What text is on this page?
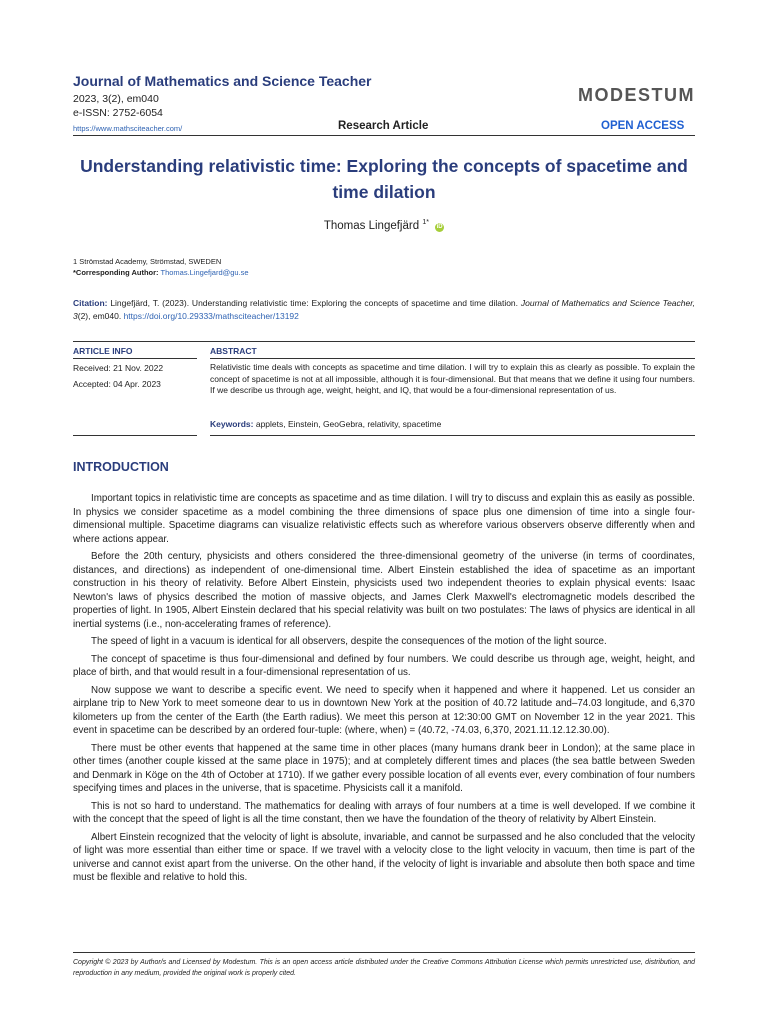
Journal of Mathematics and Science Teacher
2023, 3(2), em040
e-ISSN: 2752-6054
https://www.mathsciteacher.com/
MODESTUM
Research Article	OPEN ACCESS
Understanding relativistic time: Exploring the concepts of spacetime and time dilation
Thomas Lingefjärd $^{1*}$ iD
1 Strömstad Academy, Strömstad, SWEDEN
*Corresponding Author: Thomas.Lingefjard@gu.se
Citation: Lingefjärd, T. (2023). Understanding relativistic time: Exploring the concepts of spacetime and time dilation. Journal of Mathematics and Science Teacher, 3(2), em040. https://doi.org/10.29333/mathsciteacher/13192
ARTICLE INFO	ABSTRACT
Received: 21 Nov. 2022
Accepted: 04 Apr. 2023
Relativistic time deals with concepts as spacetime and time dilation. I will try to explain this as clearly as possible. To explain the concept of spacetime is not at all impossible, although it is four-dimensional. But that means that we define it using four numbers. If we describe us through age, weight, height, and IQ, that would be a four-dimensional representation of us.
Keywords: applets, Einstein, GeoGebra, relativity, spacetime
INTRODUCTION

Important topics in relativistic time are concepts as spacetime and as time dilation. I will try to discuss and explain this as easily as possible. In physics we consider spacetime as a model combining the three dimensions of space plus one dimension of time into a single four-dimensional multiple. Spacetime diagrams can visualize relativistic effects such as wherefore various observers observe differently when and where actions appear.

Before the 20th century, physicists and others considered the three-dimensional geometry of the universe (in terms of coordinates, distances, and directions) as independent of one-dimensional time. Albert Einstein established the idea of spacetime as an important construction in his theory of relativity. Before Albert Einstein, physicists used two independent theories to explain physical events: Isaac Newton's laws of physics described the motion of massive objects, and James Clerk Maxwell's electromagnetic models described the properties of light. In 1905, Albert Einstein declared that his special relativity was built on two postulates: The laws of physics are identical in all inertial systems (i.e., non-accelerating frames of reference).

The speed of light in a vacuum is identical for all observers, despite the consequences of the motion of the light source.

The concept of spacetime is thus four-dimensional and defined by four numbers. We could describe us through age, weight, height, and place of birth, and that would result in a four-dimensional representation of us.

Now suppose we want to describe a specific event. We need to specify when it happened and where it happened. Let us consider an airplane trip to New York to meet someone dear to us in downtown New York at the position of 40.72 latitude and–74.03 longitude, and 6,370 kilometers up from the center of the Earth (the Earth radius). We meet this person at 12:30:00 GMT on November 12 in the year 2021. This event in spacetime can be described by an ordered four-tuple: (where, when) = (40.72, -74.03, 6,370, 2021.11.12.12.30.00).

There must be other events that happened at the same time in other places (many humans drank beer in London); at the same place in other times (another couple kissed at the same place in 1975); and at completely different times and places (the sea battle between Sweden and Denmark in Köge on the 4th of October at 1710). If we gather every possible location of all events ever, every combination of four numbers specifying times and places in the universe, that is spacetime. Physicists call it a manifold.

This is not so hard to understand. The mathematics for dealing with arrays of four numbers at a time is well developed. If we combine it with the concept that the speed of light is all the time constant, then we have the foundation of the theory of relativity by Albert Einstein.

Albert Einstein recognized that the velocity of light is absolute, invariable, and cannot be surpassed and he also concluded that the velocity of light was more essential than either time or space. If we travel with a velocity close to the light velocity in vacuum, then time is part of the universe and cannot exist apart from the universe. On the other hand, if the velocity of light is invariable and absolute then both space and time must be flexible and relative to hold this.

Copyright © 2023 by Author/s and Licensed by Modestum. This is an open access article distributed under the Creative Commons Attribution License which permits unrestricted use, distribution, and reproduction in any medium, provided the original work is properly cited.
